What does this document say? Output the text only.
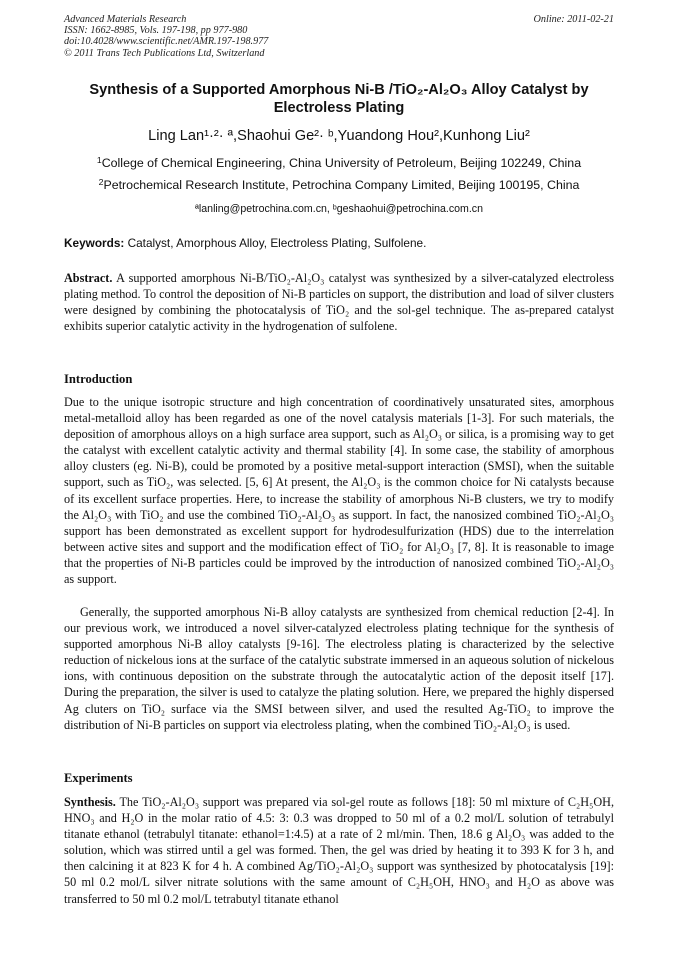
Advanced Materials Research
ISSN: 1662-8985, Vols. 197-198, pp 977-980
doi:10.4028/www.scientific.net/AMR.197-198.977
© 2011 Trans Tech Publications Ltd, Switzerland
Online: 2011-02-21
Synthesis of a Supported Amorphous Ni-B /TiO₂-Al₂O₃ Alloy Catalyst by
Electroless Plating
Ling Lan¹·²· ª,Shaohui Ge²· ᵇ,Yuandong Hou²,Kunhong Liu²
$^1$College of Chemical Engineering, China University of Petroleum, Beijing 102249, China
$^2$Petrochemical Research Institute, Petrochina Company Limited, Beijing 100195, China
ªlanling@petrochina.com.cn, ᵇgeshaohui@petrochina.com.cn
Keywords: Catalyst, Amorphous Alloy, Electroless Plating, Sulfolene.
Abstract. A supported amorphous Ni-B/TiO₂-Al₂O₃ catalyst was synthesized by a silver-catalyzed electroless plating method. To control the deposition of Ni-B particles on support, the distribution and load of silver clusters were designed by combining the photocatalysis of TiO₂ and the sol-gel technique. The as-prepared catalyst exhibits superior catalytic activity in the hydrogenation of sulfolene.
Introduction
Due to the unique isotropic structure and high concentration of coordinatively unsaturated sites, amorphous metal-metalloid alloy has been regarded as one of the novel catalysis materials [1-3]. For such materials, the deposition of amorphous alloys on a high surface area support, such as Al₂O₃ or silica, is a promising way to get the catalyst with excellent catalytic activity and thermal stability [4]. In some case, the stability of amorphous alloy clusters (eg. Ni-B), could be promoted by a positive metal-support interaction (SMSI), when the suitable support, such as TiO₂, was selected. [5, 6] At present, the Al₂O₃ is the common choice for Ni catalysts because of its excellent surface properties. Here, to increase the stability of amorphous Ni-B clusters, we try to modify the Al₂O₃ with TiO₂ and use the combined TiO₂-Al₂O₃ as support. In fact, the nanosized combined TiO₂-Al₂O₃ support has been demonstrated as excellent support for hydrodesulfurization (HDS) due to the interrelation between active sites and support and the modification effect of TiO₂ for Al₂O₃ [7, 8]. It is reasonable to image that the properties of Ni-B particles could be improved by the introduction of nanosized combined TiO₂-Al₂O₃ as support.
Generally, the supported amorphous Ni-B alloy catalysts are synthesized from chemical reduction [2-4]. In our previous work, we introduced a novel silver-catalyzed electroless plating technique for the synthesis of supported amorphous Ni-B alloy catalysts [9-16]. The electroless plating is characterized by the selective reduction of nickelous ions at the surface of the catalytic substrate immersed in an aqueous solution of nickelous ions, with continuous deposition on the substrate through the autocatalytic action of the deposit itself [17]. During the preparation, the silver is used to catalyze the plating solution. Here, we prepared the highly dispersed Ag cluters on TiO₂ surface via the SMSI between silver, and used the resulted Ag-TiO₂ to improve the distribution of Ni-B particles on support via electroless plating, when the combined TiO₂-Al₂O₃ is used.
Experiments
Synthesis. The TiO₂-Al₂O₃ support was prepared via sol-gel route as follows [18]: 50 ml mixture of C₂H₅OH, HNO₃ and H₂O in the molar ratio of 4.5: 3: 0.3 was dropped to 50 ml of a 0.2 mol/L solution of tetrabulyl titanate ethanol (tetrabulyl titanate: ethanol=1:4.5) at a rate of 2 ml/min. Then, 18.6 g Al₂O₃ was added to the solution, which was stirred until a gel was formed. Then, the gel was dried by heating it to 393 K for 3 h, and then calcining it at 823 K for 4 h. A combined Ag/TiO₂-Al₂O₃ support was synthesized by photocatalysis [19]: 50 ml 0.2 mol/L silver nitrate solutions with the same amount of C₂H₅OH, HNO₃ and H₂O as above was transferred to 50 ml 0.2 mol/L tetrabutyl titanate ethanol
